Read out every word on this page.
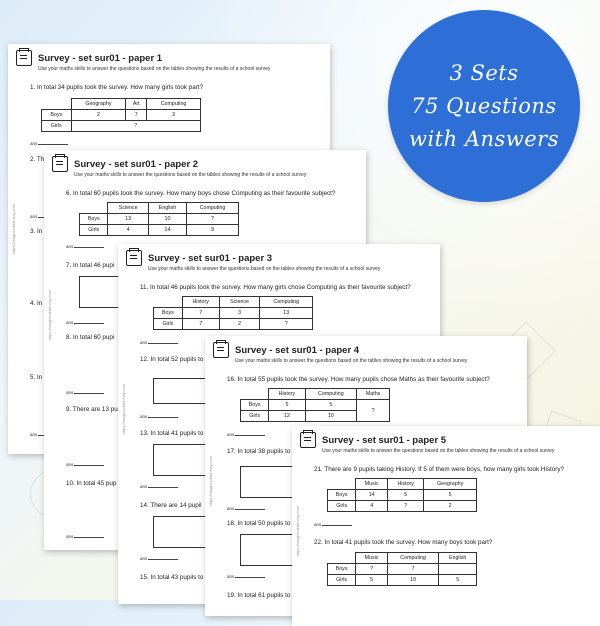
3 Sets
75 Questions
with Answers
Survey - set sur01 - paper 1
Use your maths skills to answer the questions based on the tables showing the results of a school survey
https://magichobbit.etsy.com
1. In total 34 pupils took the survey. How many girls took part?
	Geography	Art	Computing
Boys	2	7	3
Girls	?		
ans
2. Th
ans
3. In
4. In
5. In
ans
Survey - set sur01 - paper 2
Use your maths skills to answer the questions based on the tables showing the results of a school survey
https://magichobbit.etsy.com
6. In total 60 pupils took the survey. How many boys chose Computing as their favourite subject?
	Science	English	Computing
Boys	13	10	?
Girls	4	14	9
ans
7. In total 46 pupi
ans
8. In total 60 pupi
ans
9. There are 13 pu
ans
10. In total 45 pup
ans
Survey - set sur01 - paper 3
Use your maths skills to answer the questions based on the tables showing the results of a school survey
https://magichobbit.etsy.com
11. In total 46 pupils took the survey. How many girls chose Computing as their favourite subject?
	History	Science	Computing
Boys	7	3	13
Girls	7	2	?
ans
12. In total 52 pupils to
ans
13. In total 41 pupils to
ans
14. There are 14 pupil
ans
15. In total 43 pupils to
Survey - set sur01 - paper 4
Use your maths skills to answer the questions based on the tables showing the results of a school survey
https://magichobbit.etsy.com
16. In total 55 pupils took the survey. How many pupils chose Maths as their favourite subject?
	History	Computing	Maths
Boys	5	5	?
Girls	12	10	
ans
17. In total 38 pupils to
ans
18. In total 50 pupils to
ans
19. In total 61 pupils to
Survey - set sur01 - paper 5
Use your maths skills to answer the questions based on the tables showing the results of a school survey
https://magichobbit.etsy.com
21. There are 9 pupils taking History. If 5 of them were boys, how many girls took History?
	Music	History	Geography
Boys	14	5	5
Girls	4	?	2
ans
22. In total 41 pupils took the survey. How many boys took part?
	Music	Computing	English
Boys	?	7	
Girls	5	10	5
